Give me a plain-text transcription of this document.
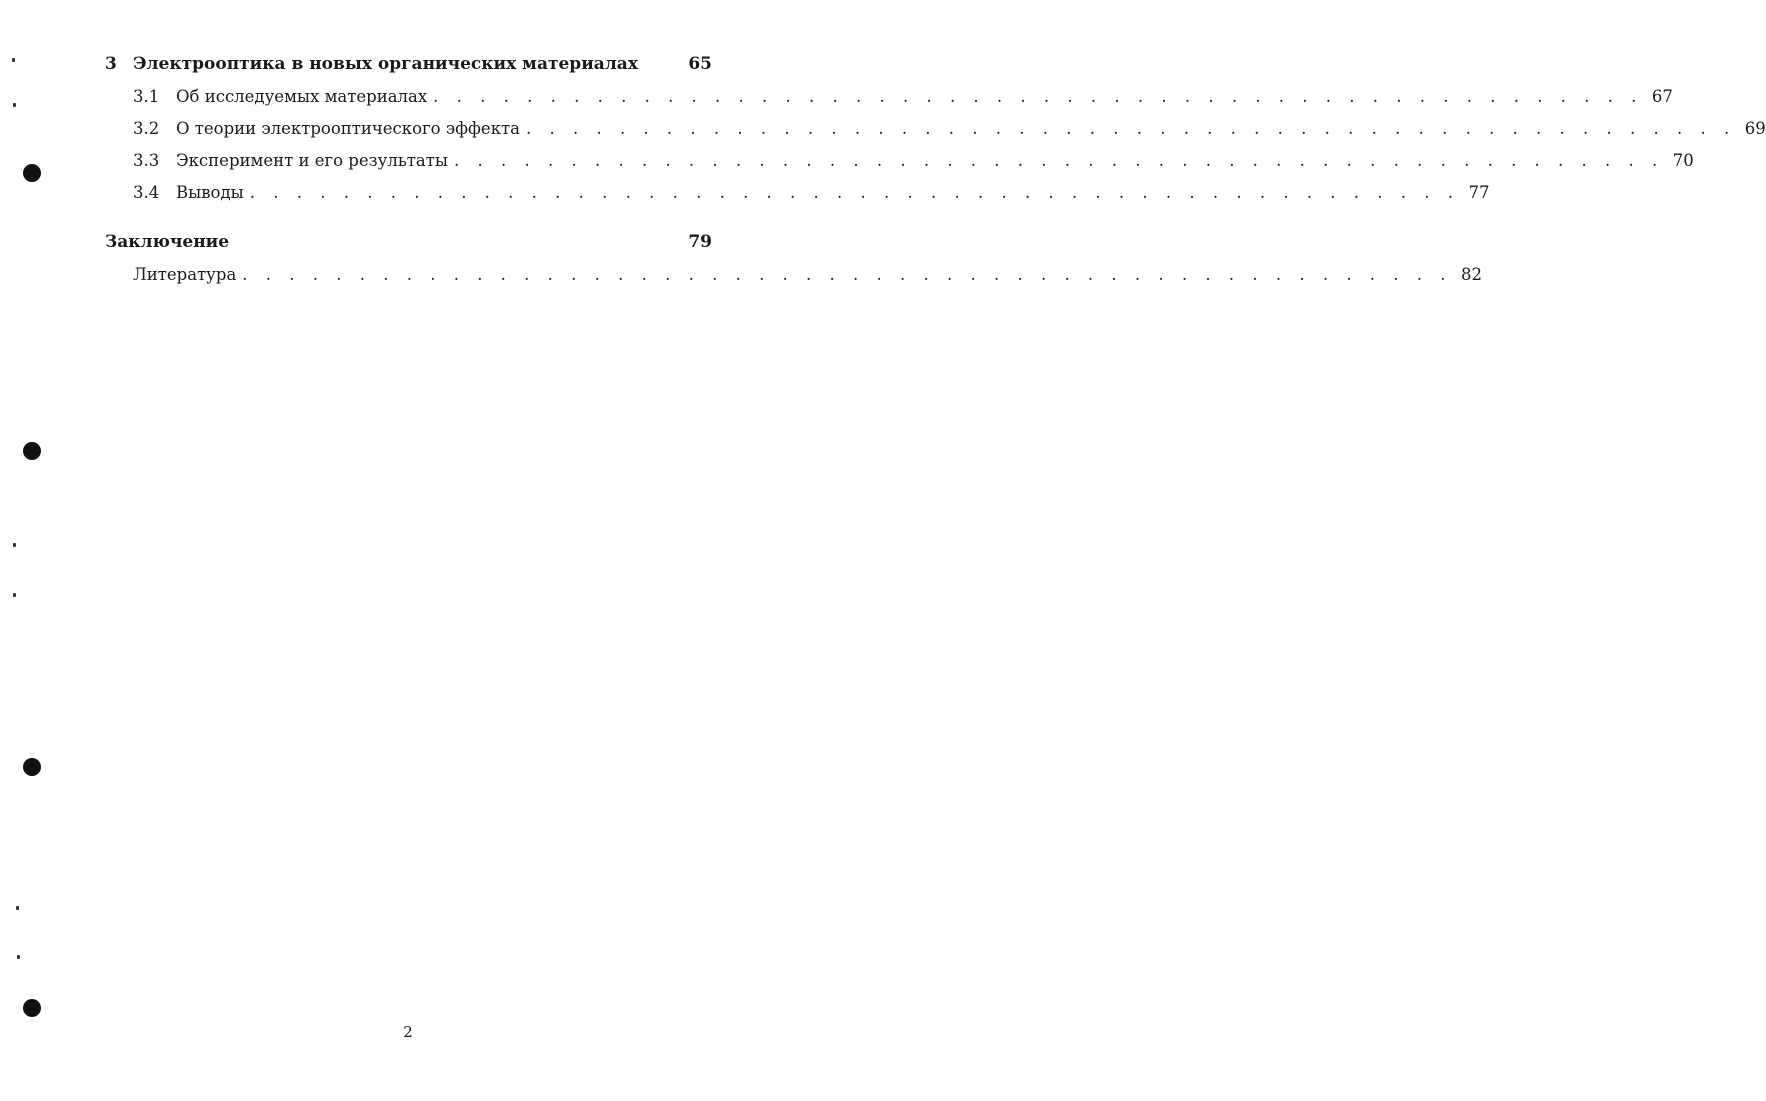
3 Электрооптика в новых органических материалах	65
3.1	Об исследуемых материалах . . . . . . . . . . . . . . . . . . . . . . . . . . . . . . . . . . . . . . . . . . . . . . . . . . . . 67
3.2	О теории электрооптического эффекта . . . . . . . . . . . . . . . . . . . . . . . . . . . . . . . . . . . . . . . . . . . . . . . . . . . . 69
3.3	Эксперимент и его результаты . . . . . . . . . . . . . . . . . . . . . . . . . . . . . . . . . . . . . . . . . . . . . . . . . . . . 70
3.4	Выводы . . . . . . . . . . . . . . . . . . . . . . . . . . . . . . . . . . . . . . . . . . . . . . . . . . . . 77
Заключение	79
Литература . . . . . . . . . . . . . . . . . . . . . . . . . . . . . . . . . . . . . . . . . . . . . . . . . . . . 82
2
